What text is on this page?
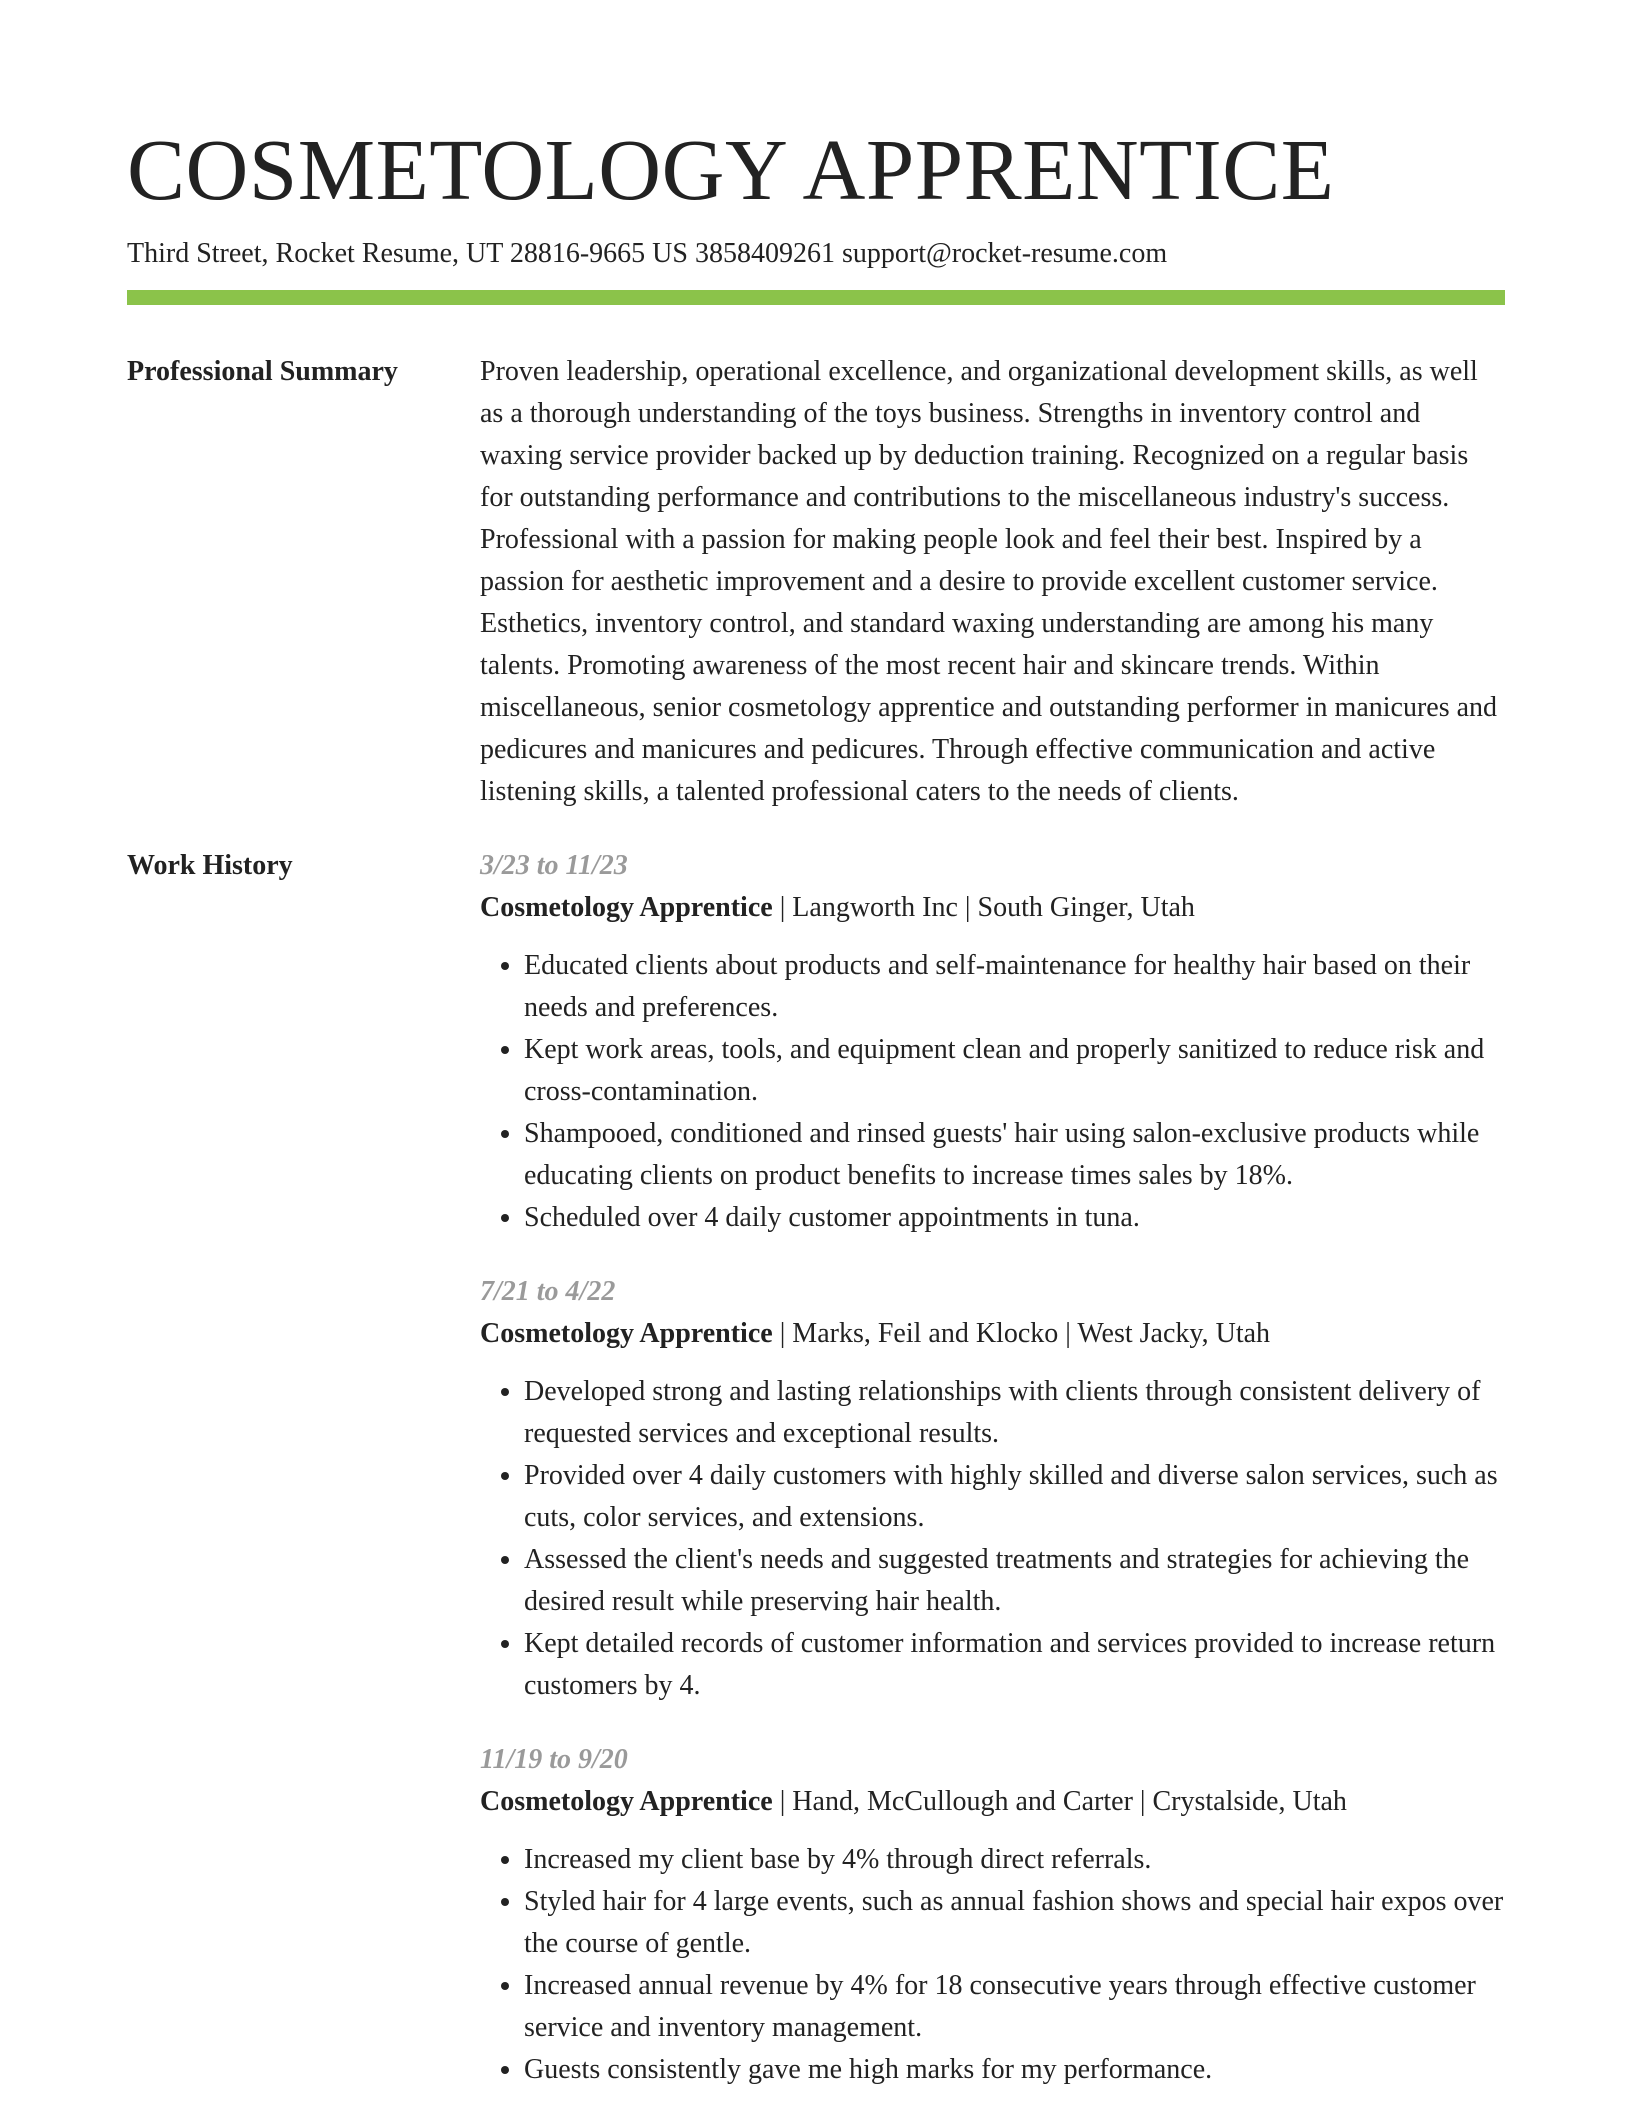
COSMETOLOGY APPRENTICE
Third Street, Rocket Resume, UT 28816-9665 US 3858409261 support@rocket-resume.com
Professional Summary	Proven leadership, operational excellence, and organizational development skills, as well as a thorough understanding of the toys business. Strengths in inventory control and waxing service provider backed up by deduction training. Recognized on a regular basis for outstanding performance and contributions to the miscellaneous industry's success. Professional with a passion for making people look and feel their best. Inspired by a passion for aesthetic improvement and a desire to provide excellent customer service. Esthetics, inventory control, and standard waxing understanding are among his many talents. Promoting awareness of the most recent hair and skincare trends. Within miscellaneous, senior cosmetology apprentice and outstanding performer in manicures and pedicures and manicures and pedicures. Through effective communication and active listening skills, a talented professional caters to the needs of clients.

Work History	3/23 to 11/23
Cosmetology Apprentice | Langworth Inc | South Ginger, Utah
• Educated clients about products and self-maintenance for healthy hair based on their needs and preferences.
• Kept work areas, tools, and equipment clean and properly sanitized to reduce risk and cross-contamination.
• Shampooed, conditioned and rinsed guests' hair using salon-exclusive products while educating clients on product benefits to increase times sales by 18%.
• Scheduled over 4 daily customer appointments in tuna.
7/21 to 4/22
Cosmetology Apprentice | Marks, Feil and Klocko | West Jacky, Utah
• Developed strong and lasting relationships with clients through consistent delivery of requested services and exceptional results.
• Provided over 4 daily customers with highly skilled and diverse salon services, such as cuts, color services, and extensions.
• Assessed the client's needs and suggested treatments and strategies for achieving the desired result while preserving hair health.
• Kept detailed records of customer information and services provided to increase return customers by 4.
11/19 to 9/20
Cosmetology Apprentice | Hand, McCullough and Carter | Crystalside, Utah
• Increased my client base by 4% through direct referrals.
• Styled hair for 4 large events, such as annual fashion shows and special hair expos over the course of gentle.
• Increased annual revenue by 4% for 18 consecutive years through effective customer service and inventory management.
• Guests consistently gave me high marks for my performance.
